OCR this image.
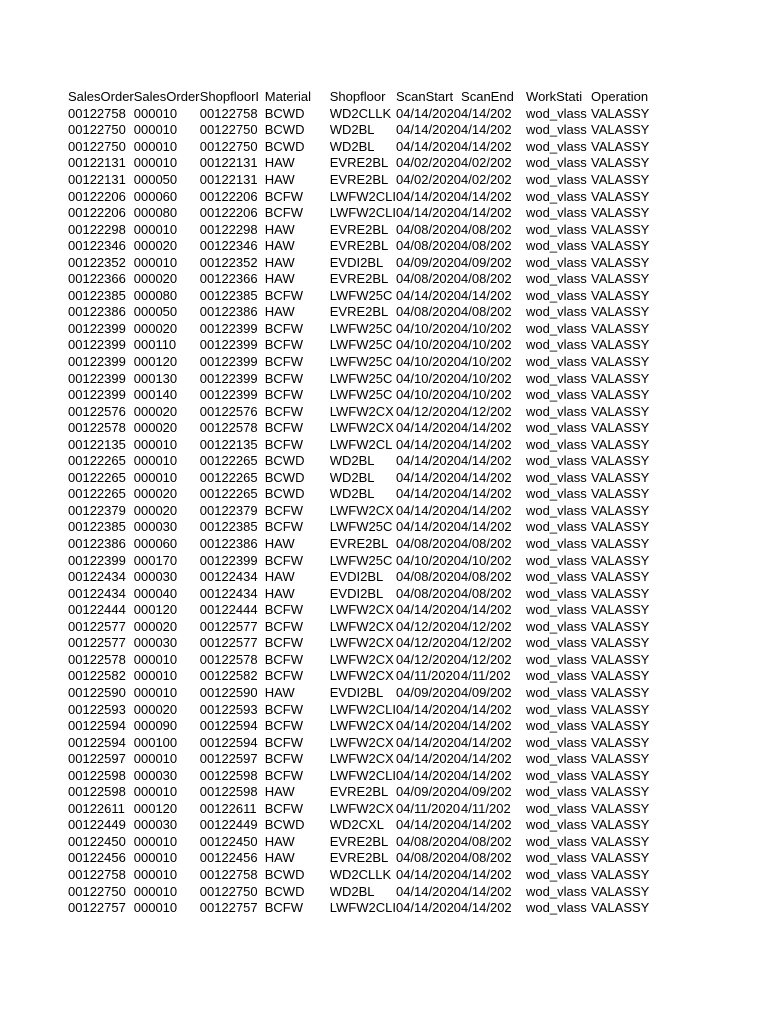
SalesOrder	SalesOrder	ShopfloorI	Material	Shopfloor	ScanStart	ScanEnd	WorkStati	Operation
00122758	000010	00122758	BCWD	WD2CLLK	04/14/2020	4/14/202	wod_vlass	VALASSY
00122750	000010	00122750	BCWD	WD2BL	04/14/2020	4/14/202	wod_vlass	VALASSY
00122750	000010	00122750	BCWD	WD2BL	04/14/2020	4/14/202	wod_vlass	VALASSY
00122131	000010	00122131	HAW	EVRE2BL	04/02/2020	4/02/202	wod_vlass	VALASSY
00122131	000050	00122131	HAW	EVRE2BL	04/02/2020	4/02/202	wod_vlass	VALASSY
00122206	000060	00122206	BCFW	LWFW2CLI	04/14/2020	4/14/202	wod_vlass	VALASSY
00122206	000080	00122206	BCFW	LWFW2CLI	04/14/2020	4/14/202	wod_vlass	VALASSY
00122298	000010	00122298	HAW	EVRE2BL	04/08/2020	4/08/202	wod_vlass	VALASSY
00122346	000020	00122346	HAW	EVRE2BL	04/08/2020	4/08/202	wod_vlass	VALASSY
00122352	000010	00122352	HAW	EVDI2BL	04/09/2020	4/09/202	wod_vlass	VALASSY
00122366	000020	00122366	HAW	EVRE2BL	04/08/2020	4/08/202	wod_vlass	VALASSY
00122385	000080	00122385	BCFW	LWFW25C	04/14/2020	4/14/202	wod_vlass	VALASSY
00122386	000050	00122386	HAW	EVRE2BL	04/08/2020	4/08/202	wod_vlass	VALASSY
00122399	000020	00122399	BCFW	LWFW25C	04/10/2020	4/10/202	wod_vlass	VALASSY
00122399	000110	00122399	BCFW	LWFW25C	04/10/2020	4/10/202	wod_vlass	VALASSY
00122399	000120	00122399	BCFW	LWFW25C	04/10/2020	4/10/202	wod_vlass	VALASSY
00122399	000130	00122399	BCFW	LWFW25C	04/10/2020	4/10/202	wod_vlass	VALASSY
00122399	000140	00122399	BCFW	LWFW25C	04/10/2020	4/10/202	wod_vlass	VALASSY
00122576	000020	00122576	BCFW	LWFW2CX	04/12/2020	4/12/202	wod_vlass	VALASSY
00122578	000020	00122578	BCFW	LWFW2CX	04/14/2020	4/14/202	wod_vlass	VALASSY
00122135	000010	00122135	BCFW	LWFW2CL	04/14/2020	4/14/202	wod_vlass	VALASSY
00122265	000010	00122265	BCWD	WD2BL	04/14/2020	4/14/202	wod_vlass	VALASSY
00122265	000010	00122265	BCWD	WD2BL	04/14/2020	4/14/202	wod_vlass	VALASSY
00122265	000020	00122265	BCWD	WD2BL	04/14/2020	4/14/202	wod_vlass	VALASSY
00122379	000020	00122379	BCFW	LWFW2CX	04/14/2020	4/14/202	wod_vlass	VALASSY
00122385	000030	00122385	BCFW	LWFW25C	04/14/2020	4/14/202	wod_vlass	VALASSY
00122386	000060	00122386	HAW	EVRE2BL	04/08/2020	4/08/202	wod_vlass	VALASSY
00122399	000170	00122399	BCFW	LWFW25C	04/10/2020	4/10/202	wod_vlass	VALASSY
00122434	000030	00122434	HAW	EVDI2BL	04/08/2020	4/08/202	wod_vlass	VALASSY
00122434	000040	00122434	HAW	EVDI2BL	04/08/2020	4/08/202	wod_vlass	VALASSY
00122444	000120	00122444	BCFW	LWFW2CX	04/14/2020	4/14/202	wod_vlass	VALASSY
00122577	000020	00122577	BCFW	LWFW2CX	04/12/2020	4/12/202	wod_vlass	VALASSY
00122577	000030	00122577	BCFW	LWFW2CX	04/12/2020	4/12/202	wod_vlass	VALASSY
00122578	000010	00122578	BCFW	LWFW2CX	04/12/2020	4/12/202	wod_vlass	VALASSY
00122582	000010	00122582	BCFW	LWFW2CX	04/11/2020	4/11/202	wod_vlass	VALASSY
00122590	000010	00122590	HAW	EVDI2BL	04/09/2020	4/09/202	wod_vlass	VALASSY
00122593	000020	00122593	BCFW	LWFW2CLI	04/14/2020	4/14/202	wod_vlass	VALASSY
00122594	000090	00122594	BCFW	LWFW2CX	04/14/2020	4/14/202	wod_vlass	VALASSY
00122594	000100	00122594	BCFW	LWFW2CX	04/14/2020	4/14/202	wod_vlass	VALASSY
00122597	000010	00122597	BCFW	LWFW2CX	04/14/2020	4/14/202	wod_vlass	VALASSY
00122598	000030	00122598	BCFW	LWFW2CLI	04/14/2020	4/14/202	wod_vlass	VALASSY
00122598	000010	00122598	HAW	EVRE2BL	04/09/2020	4/09/202	wod_vlass	VALASSY
00122611	000120	00122611	BCFW	LWFW2CX	04/11/2020	4/11/202	wod_vlass	VALASSY
00122449	000030	00122449	BCWD	WD2CXL	04/14/2020	4/14/202	wod_vlass	VALASSY
00122450	000010	00122450	HAW	EVRE2BL	04/08/2020	4/08/202	wod_vlass	VALASSY
00122456	000010	00122456	HAW	EVRE2BL	04/08/2020	4/08/202	wod_vlass	VALASSY
00122758	000010	00122758	BCWD	WD2CLLK	04/14/2020	4/14/202	wod_vlass	VALASSY
00122750	000010	00122750	BCWD	WD2BL	04/14/2020	4/14/202	wod_vlass	VALASSY
00122757	000010	00122757	BCFW	LWFW2CLI	04/14/2020	4/14/202	wod_vlass	VALASSY
